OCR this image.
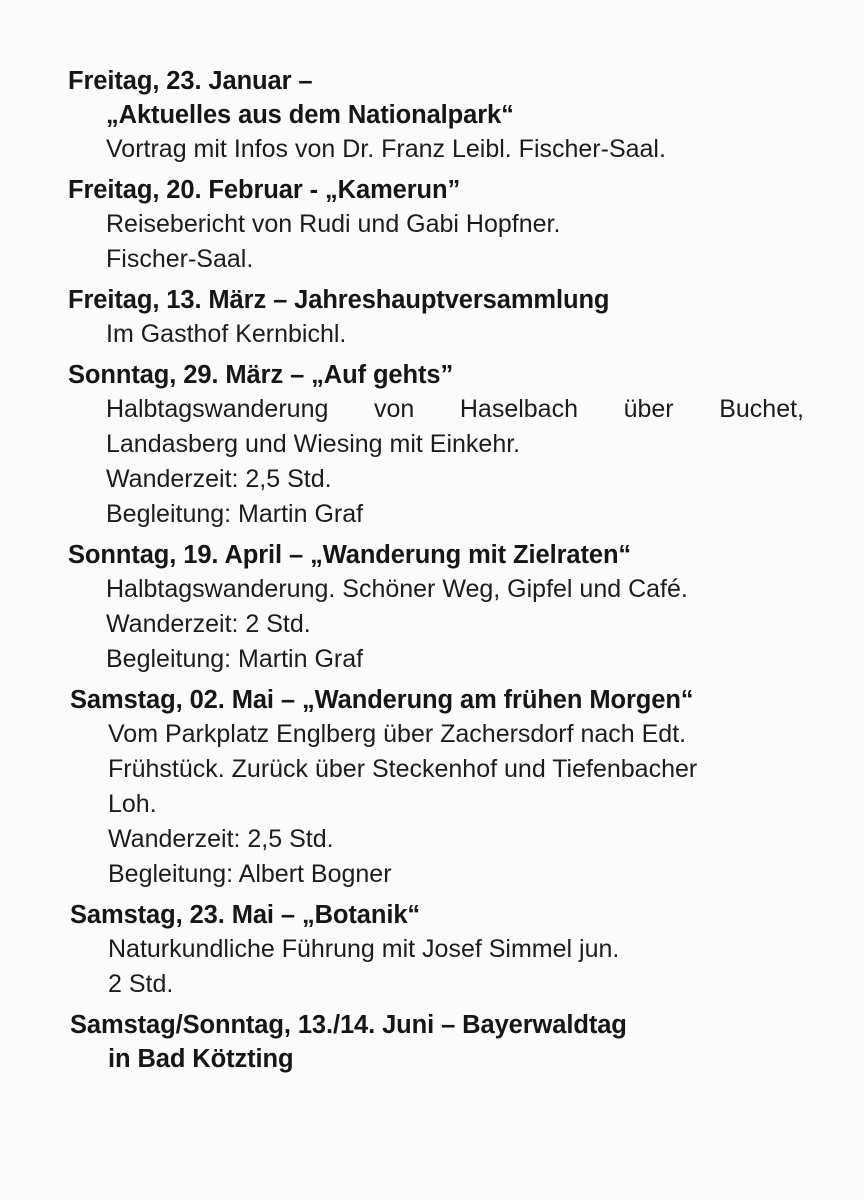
Freitag, 23. Januar –
„Aktuelles aus dem Nationalpark“
Vortrag mit Infos von Dr. Franz Leibl. Fischer-Saal.
Freitag, 20. Februar - „Kamerun”
Reisebericht von Rudi und Gabi Hopfner.
Fischer-Saal.
Freitag, 13. März – Jahreshauptversammlung
Im Gasthof Kernbichl.
Sonntag, 29. März – „Auf gehts”
Halbtagswanderung von Haselbach über Buchet,
Landasberg und Wiesing mit Einkehr.
Wanderzeit: 2,5 Std.
Begleitung: Martin Graf
Sonntag, 19. April – „Wanderung mit Zielraten“
Halbtagswanderung. Schöner Weg, Gipfel und Café.
Wanderzeit: 2 Std.
Begleitung: Martin Graf
Samstag, 02. Mai – „Wanderung am frühen Morgen“
Vom Parkplatz Englberg über Zachersdorf nach Edt.
Frühstück. Zurück über Steckenhof und Tiefenbacher
Loh.
Wanderzeit: 2,5 Std.
Begleitung: Albert Bogner
Samstag, 23. Mai – „Botanik“
Naturkundliche Führung mit Josef Simmel jun.
2 Std.
Samstag/Sonntag, 13./14. Juni – Bayerwaldtag
in Bad Kötzting
